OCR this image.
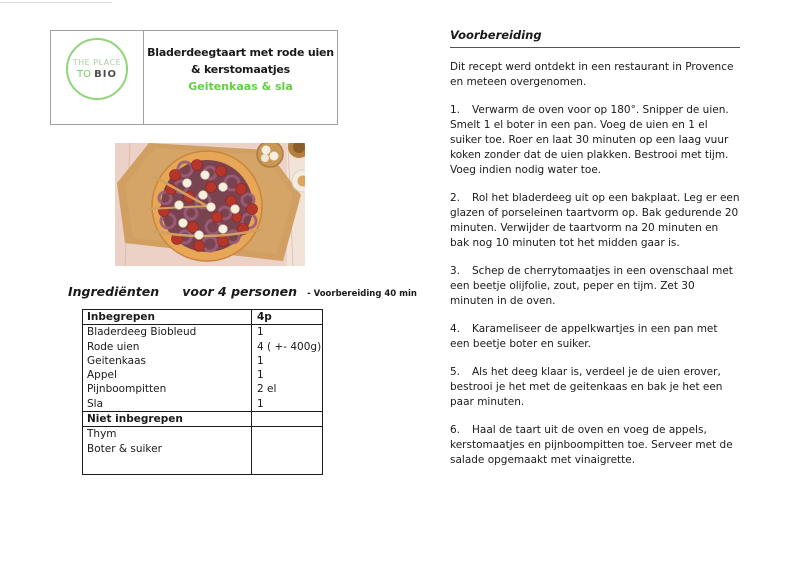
THE PLACE
TO BIO
Bladerdeegtaart met rode uien
& kerstomaatjes
Geitenkaas & sla
Ingrediënten voor 4 personen - Voorbereiding 40 min
Inbegrepen	4p
Bladerdeeg Biobleud
Rode uien
Geitenkaas
Appel
Pijnboompitten
Sla
1
4 ( +- 400g)
1
1
2 el
1
Niet inbegrepen
Thym
Boter & suiker
Voorbereiding

Dit recept werd ontdekt in een restaurant in Provence en meteen overgenomen.

1. Verwarm de oven voor op 180°. Snipper de uien. Smelt 1 el boter in een pan. Voeg de uien en 1 el suiker toe. Roer en laat 30 minuten op een laag vuur koken zonder dat de uien plakken. Bestrooi met tijm. Voeg indien nodig water toe.

2. Rol het bladerdeeg uit op een bakplaat. Leg er een glazen of porseleinen taartvorm op. Bak gedurende 20 minuten. Verwijder de taartvorm na 20 minuten en bak nog 10 minuten tot het midden gaar is.

3. Schep de cherrytomaatjes in een ovenschaal met een beetje olijfolie, zout, peper en tijm. Zet 30 minuten in de oven.

4. Karameliseer de appelkwartjes in een pan met een beetje boter en suiker.

5. Als het deeg klaar is, verdeel je de uien erover, bestrooi je het met de geitenkaas en bak je het een paar minuten.

6. Haal de taart uit de oven en voeg de appels, kerstomaatjes en pijnboompitten toe. Serveer met de salade opgemaakt met vinaigrette.
